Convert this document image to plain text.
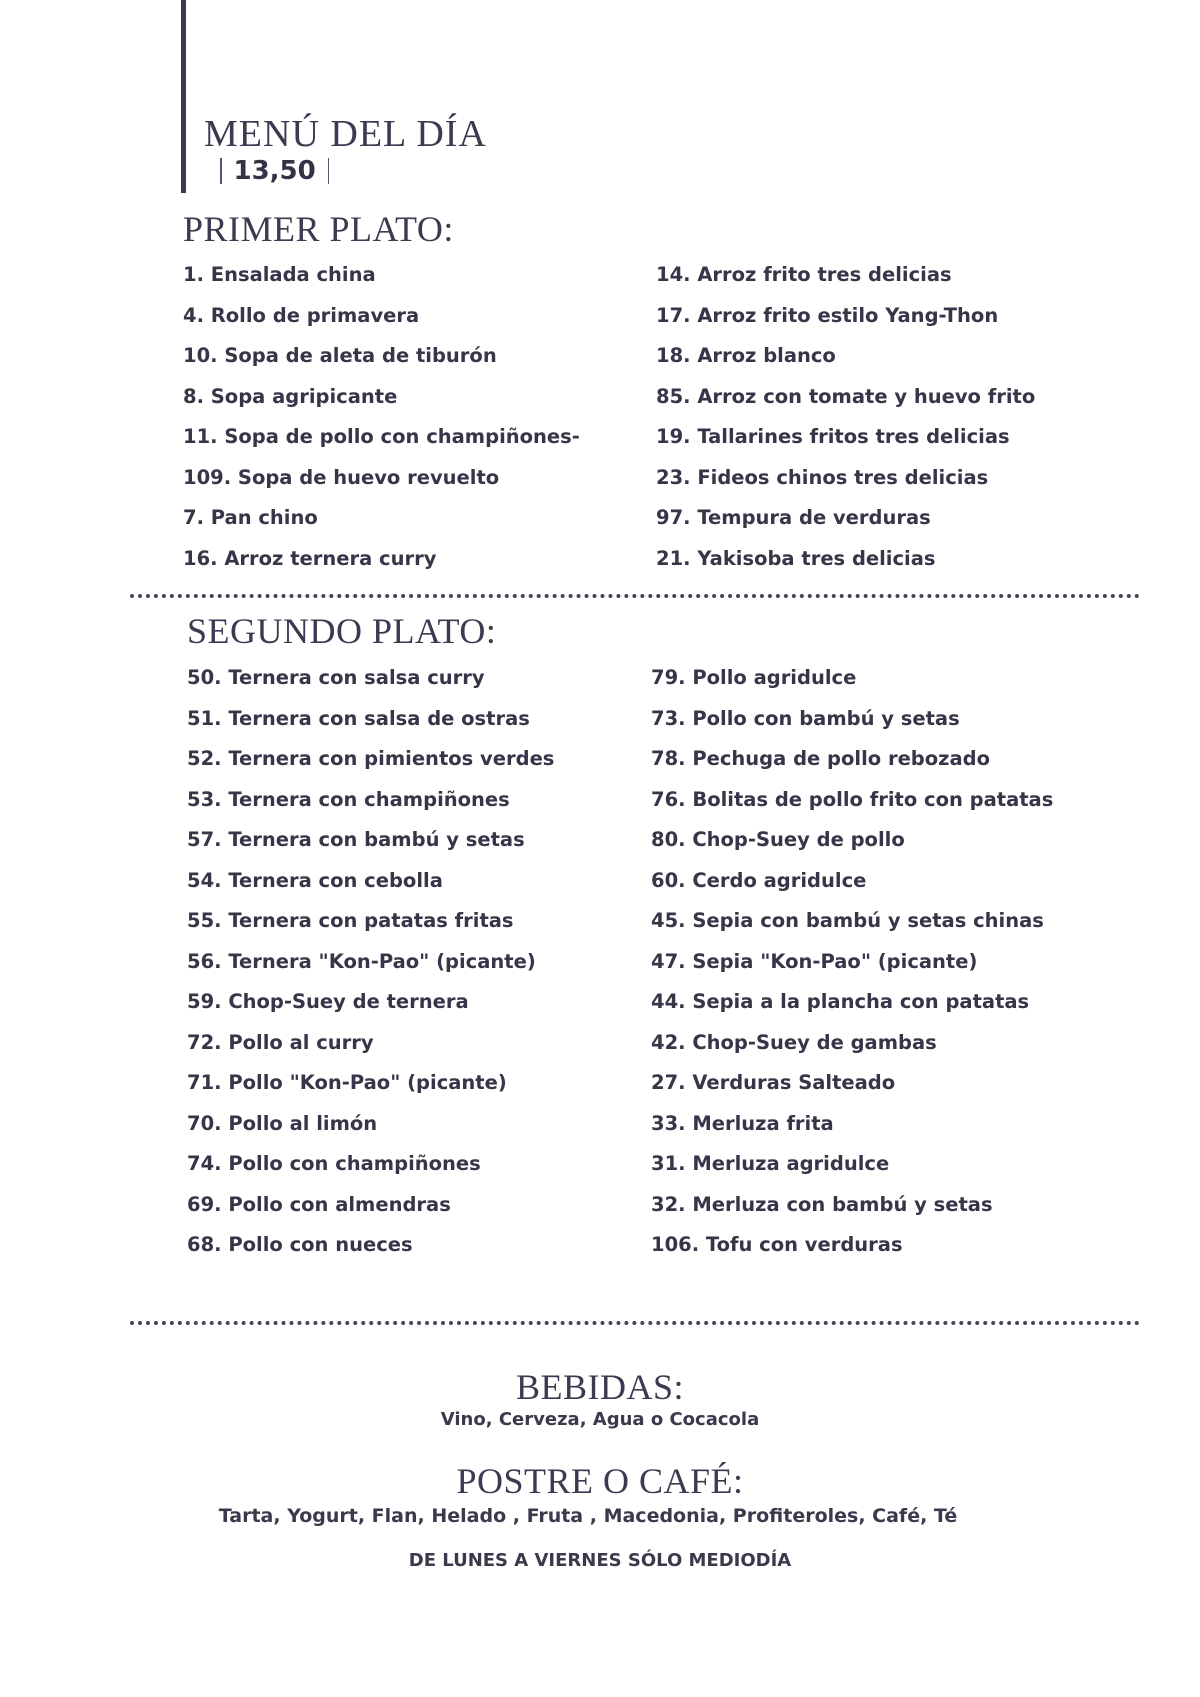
MENÚ DEL DÍA
13,50
PRIMER PLATO:
1. Ensalada china
4. Rollo de primavera
10. Sopa de aleta de tiburón
8. Sopa agripicante
11. Sopa de pollo con champiñones-
109. Sopa de huevo revuelto
7. Pan chino
16. Arroz ternera curry
14. Arroz frito tres delicias
17. Arroz frito estilo Yang-Thon
18. Arroz blanco
85. Arroz con tomate y huevo frito
19. Tallarines fritos tres delicias
23. Fideos chinos tres delicias
97. Tempura de verduras
21. Yakisoba tres delicias
SEGUNDO PLATO:
50. Ternera con salsa curry
51. Ternera con salsa de ostras
52. Ternera con pimientos verdes
53. Ternera con champiñones
57. Ternera con bambú y setas
54. Ternera con cebolla
55. Ternera con patatas fritas
56. Ternera "Kon-Pao" (picante)
59. Chop-Suey de ternera
72. Pollo al curry
71. Pollo "Kon-Pao" (picante)
70. Pollo al limón
74. Pollo con champiñones
69. Pollo con almendras
68. Pollo con nueces
79. Pollo agridulce
73. Pollo con bambú y setas
78. Pechuga de pollo rebozado
76. Bolitas de pollo frito con patatas
80. Chop-Suey de pollo
60. Cerdo agridulce
45. Sepia con bambú y setas chinas
47. Sepia "Kon-Pao" (picante)
44. Sepia a la plancha con patatas
42. Chop-Suey de gambas
27. Verduras Salteado
33. Merluza frita
31. Merluza agridulce
32. Merluza con bambú y setas
106. Tofu con verduras
BEBIDAS:
Vino, Cerveza, Agua o Cocacola
POSTRE O CAFÉ:
Tarta, Yogurt, Flan, Helado , Fruta , Macedonia, Profiteroles, Café, Té
DE LUNES A VIERNES SÓLO MEDIODÍA
